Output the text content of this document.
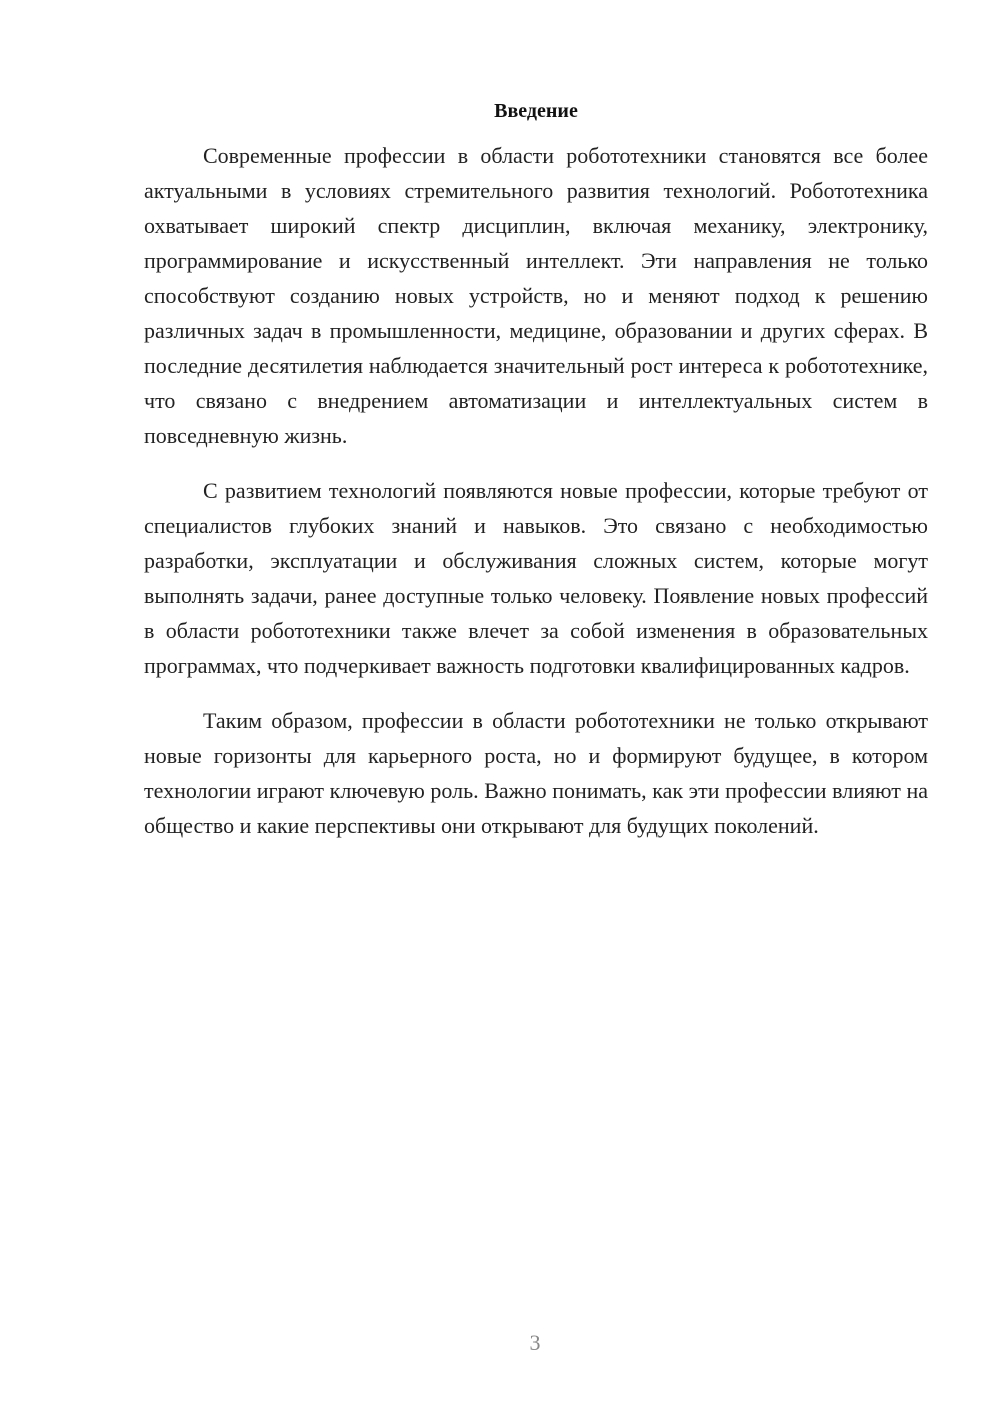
Введение

Современные профессии в области робототехники становятся все более актуальными в условиях стремительного развития технологий. Робототехника охватывает широкий спектр дисциплин, включая механику, электронику, программирование и искусственный интеллект. Эти направления не только способствуют созданию новых устройств, но и меняют подход к решению различных задач в промышленности, медицине, образовании и других сферах. В последние десятилетия наблюдается значительный рост интереса к робототехнике, что связано с внедрением автоматизации и интеллектуальных систем в повседневную жизнь.

С развитием технологий появляются новые профессии, которые требуют от специалистов глубоких знаний и навыков. Это связано с необходимостью разработки, эксплуатации и обслуживания сложных систем, которые могут выполнять задачи, ранее доступные только человеку. Появление новых профессий в области робототехники также влечет за собой изменения в образовательных программах, что подчеркивает важность подготовки квалифицированных кадров.

Таким образом, профессии в области робототехники не только открывают новые горизонты для карьерного роста, но и формируют будущее, в котором технологии играют ключевую роль. Важно понимать, как эти профессии влияют на общество и какие перспективы они открывают для будущих поколений.

3
